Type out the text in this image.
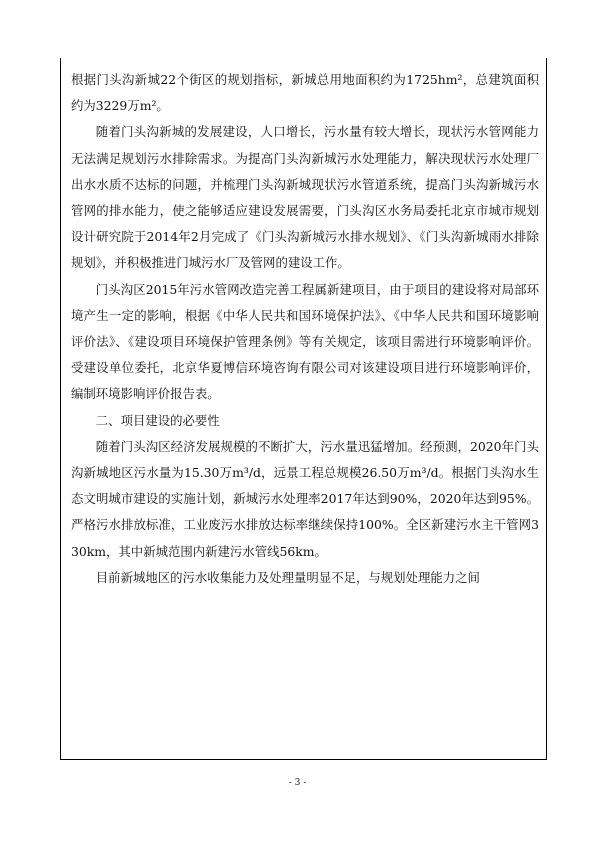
根据门头沟新城22个街区的规划指标，新城总用地面积约为1725hm²，总建筑面积约为3229万m²。

随着门头沟新城的发展建设，人口增长，污水量有较大增长，现状污水管网能力无法满足规划污水排除需求。为提高门头沟新城污水处理能力，解决现状污水处理厂出水水质不达标的问题，并梳理门头沟新城现状污水管道系统，提高门头沟新城污水管网的排水能力，使之能够适应建设发展需要，门头沟区水务局委托北京市城市规划设计研究院于2014年2月完成了《门头沟新城污水排水规划》、《门头沟新城雨水排除规划》，并积极推进门城污水厂及管网的建设工作。

门头沟区2015年污水管网改造完善工程属新建项目，由于项目的建设将对局部环境产生一定的影响，根据《中华人民共和国环境保护法》、《中华人民共和国环境影响评价法》、《建设项目环境保护管理条例》等有关规定，该项目需进行环境影响评价。受建设单位委托，北京华夏博信环境咨询有限公司对该建设项目进行环境影响评价，编制环境影响评价报告表。

二、项目建设的必要性

随着门头沟区经济发展规模的不断扩大，污水量迅猛增加。经预测，2020年门头沟新城地区污水量为15.30万m³/d，远景工程总规模26.50万m³/d。根据门头沟水生态文明城市建设的实施计划，新城污水处理率2017年达到90%，2020年达到95%。严格污水排放标准，工业废污水排放达标率继续保持100%。全区新建污水主干管网330km，其中新城范围内新建污水管线56km。

目前新城地区的污水收集能力及处理量明显不足，与规划处理能力之间

- 3 -
